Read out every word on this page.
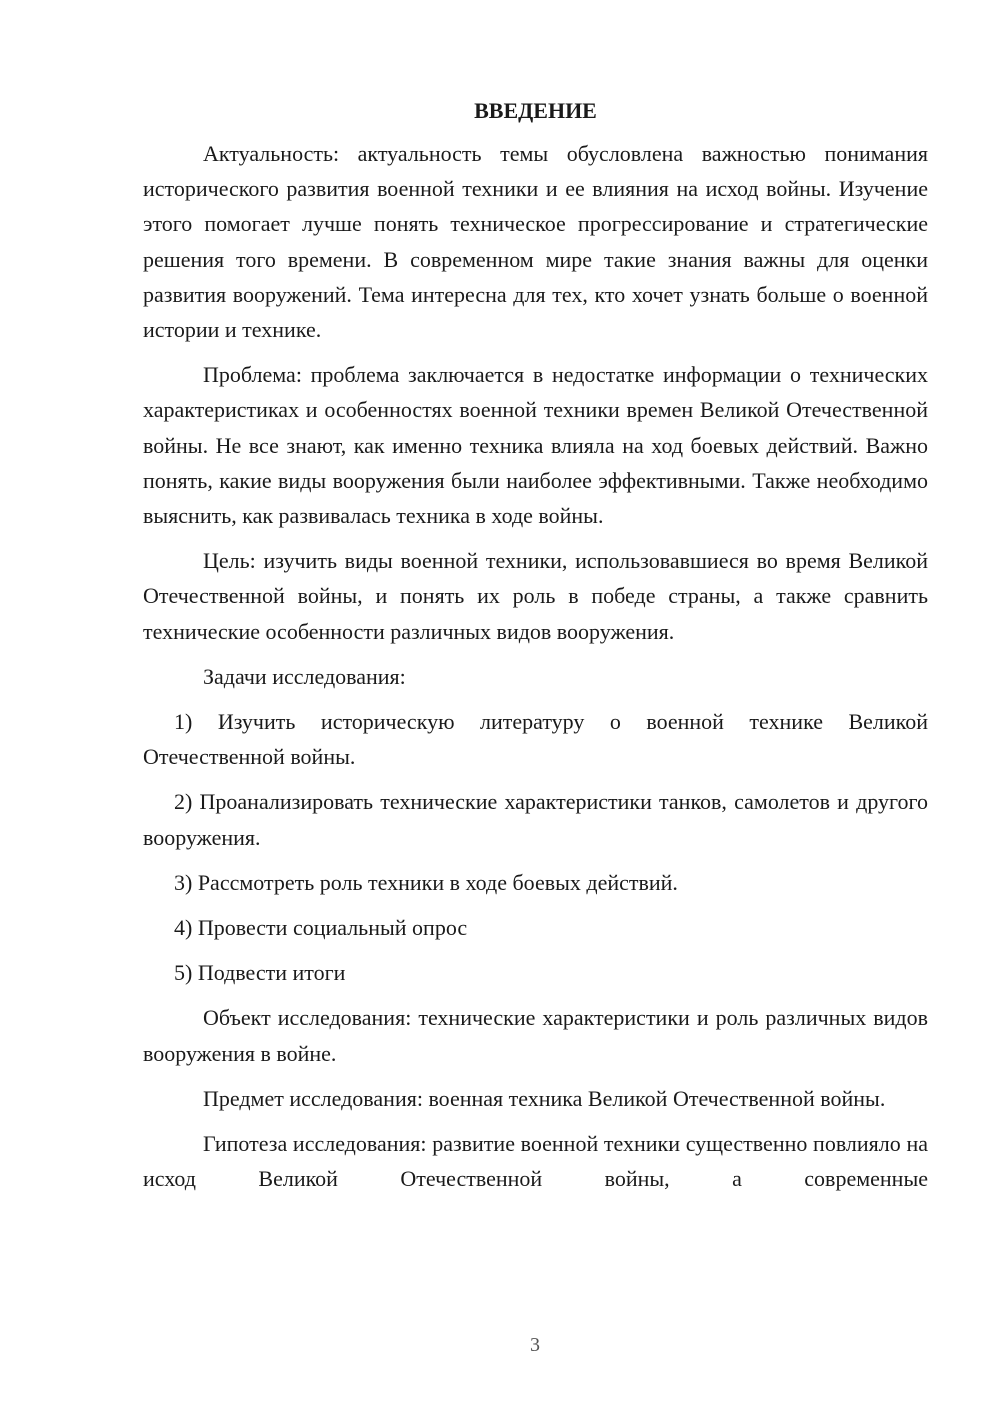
ВВЕДЕНИЕ

Актуальность: актуальность темы обусловлена важностью понимания исторического развития военной техники и ее влияния на исход войны. Изучение этого помогает лучше понять техническое прогрессирование и стратегические решения того времени. В современном мире такие знания важны для оценки развития вооружений. Тема интересна для тех, кто хочет узнать больше о военной истории и технике.

Проблема: проблема заключается в недостатке информации о технических характеристиках и особенностях военной техники времен Великой Отечественной войны. Не все знают, как именно техника влияла на ход боевых действий. Важно понять, какие виды вооружения были наиболее эффективными. Также необходимо выяснить, как развивалась техника в ходе войны.

Цель: изучить виды военной техники, использовавшиеся во время Великой Отечественной войны, и понять их роль в победе страны, а также сравнить технические особенности различных видов вооружения.

Задачи исследования:

1) Изучить историческую литературу о военной технике Великой Отечественной войны.

2) Проанализировать технические характеристики танков, самолетов и другого вооружения.

3) Рассмотреть роль техники в ходе боевых действий.

4) Провести социальный опрос

5) Подвести итоги

Объект исследования: технические характеристики и роль различных видов вооружения в войне.

Предмет исследования: военная техника Великой Отечественной войны.

Гипотеза исследования: развитие военной техники существенно повлияло на исход Великой Отечественной войны, а современные

3
